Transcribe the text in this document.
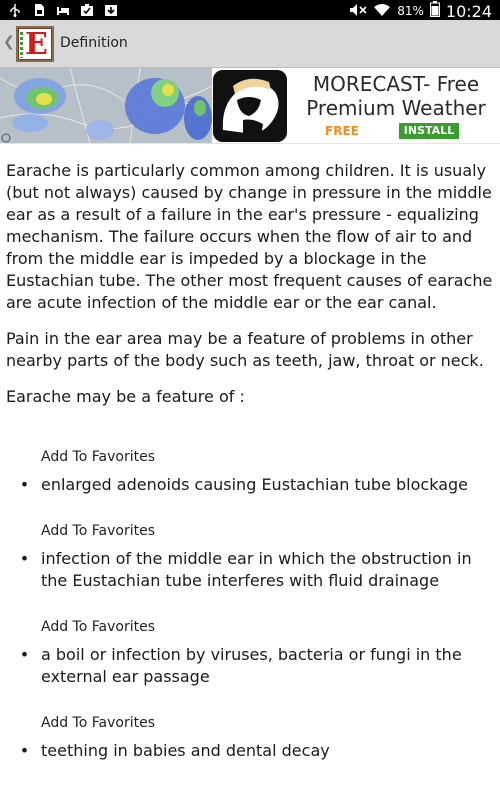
81% 10:24
❮ E Definition
MORECAST- Free Premium Weather
FREE	INSTALL

Earache is particularly common among children. It is usualy (but not always) caused by change in pressure in the middle ear as a result of a failure in the ear's pressure - equalizing mechanism. The failure occurs when the flow of air to and from the middle ear is impeded by a blockage in the Eustachian tube. The other most frequent causes of earache are acute infection of the middle ear or the ear canal.

Pain in the ear area may be a feature of problems in other nearby parts of the body such as teeth, jaw, throat or neck.

Earache may be a feature of :

Add To Favorites
• enlarged adenoids causing Eustachian tube blockage
Add To Favorites
• infection of the middle ear in which the obstruction in the Eustachian tube interferes with fluid drainage
Add To Favorites
• a boil or infection by viruses, bacteria or fungi in the external ear passage
Add To Favorites
• teething in babies and dental decay
